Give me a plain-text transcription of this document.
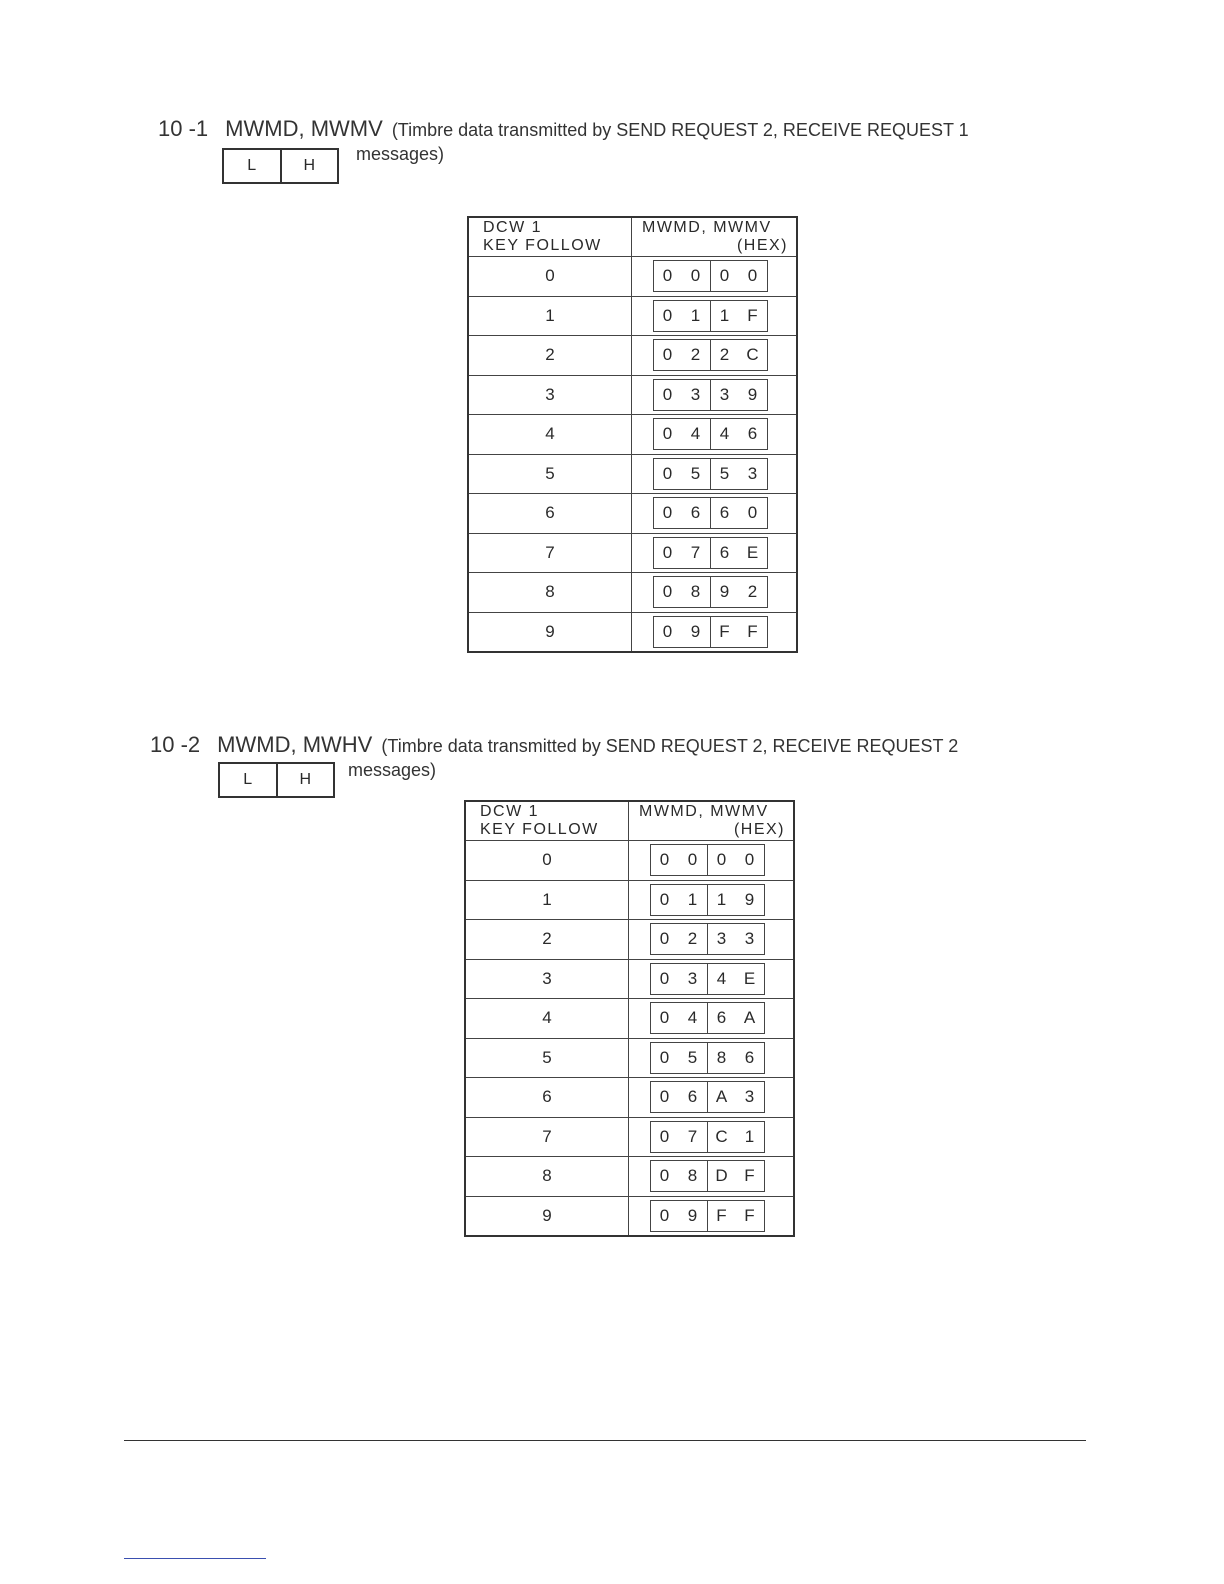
10 -1 MWMD, MWMV (Timbre data transmitted by SEND REQUEST 2, RECEIVE REQUEST 1
L	H
messages)
DCW 1
KEY FOLLOW	MWMD, MWMV
(HEX)

0	0 0 0 0

1	0 1 1 F

2	0 2 2 C

3	0 3 3 9

4	0 4 4 6

5	0 5 5 3

6	0 6 6 0

7	0 7 6 E

8	0 8 9 2

9	0 9 F F
10 -2 MWMD, MWHV (Timbre data transmitted by SEND REQUEST 2, RECEIVE REQUEST 2
L	H	messages)
DCW 1
KEY FOLLOW	MWMD, MWMV
(HEX)

0	0 0 0 0

1	0 1 1 9

2	0 2 3 3

3	0 3 4 E

4	0 4 6 A

5	0 5 8 6

6	0 6 A 3

7	0 7 C 1

8	0 8 D F

9	0 9 F F
